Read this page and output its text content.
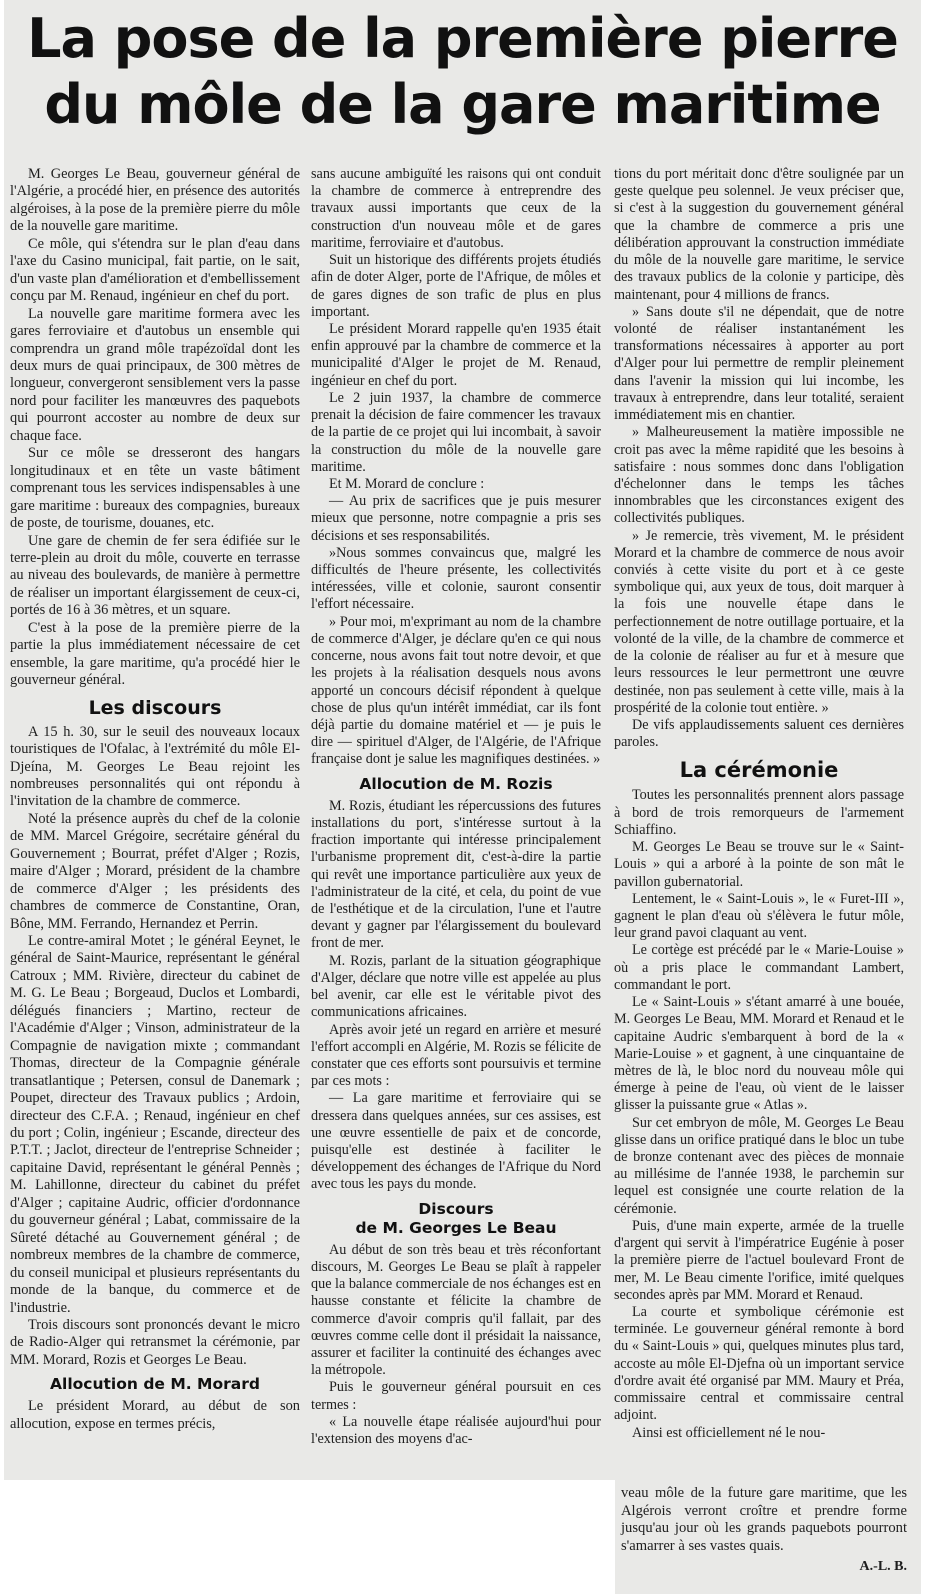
La pose de la première pierre
du môle de la gare maritime

M. Georges Le Beau, gouverneur général de l'Algérie, a procédé hier, en présence des autorités algéroises, à la pose de la première pierre du môle de la nouvelle gare maritime.

Ce môle, qui s'étendra sur le plan d'eau dans l'axe du Casino municipal, fait partie, on le sait, d'un vaste plan d'amélioration et d'embellissement conçu par M. Renaud, ingénieur en chef du port.

La nouvelle gare maritime formera avec les gares ferroviaire et d'autobus un ensemble qui comprendra un grand môle trapézoïdal dont les deux murs de quai principaux, de 300 mètres de longueur, convergeront sensiblement vers la passe nord pour faciliter les manœuvres des paquebots qui pourront accoster au nombre de deux sur chaque face.

Sur ce môle se dresseront des hangars longitudinaux et en tête un vaste bâtiment comprenant tous les services indispensables à une gare maritime : bureaux des compagnies, bureaux de poste, de tourisme, douanes, etc.

Une gare de chemin de fer sera édifiée sur le terre-plein au droit du môle, couverte en terrasse au niveau des boulevards, de manière à permettre de réaliser un important élargissement de ceux-ci, portés de 16 à 36 mètres, et un square.

C'est à la pose de la première pierre de la partie la plus immédiatement nécessaire de cet ensemble, la gare maritime, qu'a procédé hier le gouverneur général.

Les discours

A 15 h. 30, sur le seuil des nouveaux locaux touristiques de l'Ofalac, à l'extrémité du môle El-Djeína, M. Georges Le Beau rejoint les nombreuses personnalités qui ont répondu à l'invitation de la chambre de commerce.

Noté la présence auprès du chef de la colonie de MM. Marcel Grégoire, secrétaire général du Gouvernement ; Bourrat, préfet d'Alger ; Rozis, maire d'Alger ; Morard, président de la chambre de commerce d'Alger ; les présidents des chambres de commerce de Constantine, Oran, Bône, MM. Ferrando, Hernandez et Perrin.

Le contre-amiral Motet ; le général Eeynet, le général de Saint-Maurice, représentant le général Catroux ; MM. Rivière, directeur du cabinet de M. G. Le Beau ; Borgeaud, Duclos et Lombardi, délégués financiers ; Martino, recteur de l'Académie d'Alger ; Vinson, administrateur de la Compagnie de navigation mixte ; commandant Thomas, directeur de la Compagnie générale transatlantique ; Petersen, consul de Danemark ; Poupet, directeur des Travaux publics ; Ardoin, directeur des C.F.A. ; Renaud, ingénieur en chef du port ; Colin, ingénieur ; Escande, directeur des P.T.T. ; Jaclot, directeur de l'entreprise Schneider ; capitaine David, représentant le général Pennès ; M. Lahillonne, directeur du cabinet du préfet d'Alger ; capitaine Audric, officier d'ordonnance du gouverneur général ; Labat, commissaire de la Sûreté détaché au Gouvernement général ; de nombreux membres de la chambre de commerce, du conseil municipal et plusieurs représentants du monde de la banque, du commerce et de l'industrie.

Trois discours sont prononcés devant le micro de Radio-Alger qui retransmet la cérémonie, par MM. Morard, Rozis et Georges Le Beau.

Allocution de M. Morard

Le président Morard, au début de son allocution, expose en termes précis,

sans aucune ambiguïté les raisons qui ont conduit la chambre de commerce à entreprendre des travaux aussi importants que ceux de la construction d'un nouveau môle et de gares maritime, ferroviaire et d'autobus.

Suit un historique des différents projets étudiés afin de doter Alger, porte de l'Afrique, de môles et de gares dignes de son trafic de plus en plus important.

Le président Morard rappelle qu'en 1935 était enfin approuvé par la chambre de commerce et la municipalité d'Alger le projet de M. Renaud, ingénieur en chef du port.

Le 2 juin 1937, la chambre de commerce prenait la décision de faire commencer les travaux de la partie de ce projet qui lui incombait, à savoir la construction du môle de la nouvelle gare maritime.

Et M. Morard de conclure :

— Au prix de sacrifices que je puis mesurer mieux que personne, notre compagnie a pris ses décisions et ses responsabilités.

»Nous sommes convaincus que, malgré les difficultés de l'heure présente, les collectivités intéressées, ville et colonie, sauront consentir l'effort nécessaire.

» Pour moi, m'exprimant au nom de la chambre de commerce d'Alger, je déclare qu'en ce qui nous concerne, nous avons fait tout notre devoir, et que les projets à la réalisation desquels nous avons apporté un concours décisif répondent à quelque chose de plus qu'un intérêt immédiat, car ils font déjà partie du domaine matériel et — je puis le dire — spirituel d'Alger, de l'Algérie, de l'Afrique française dont je salue les magnifiques destinées. »

Allocution de M. Rozis

M. Rozis, étudiant les répercussions des futures installations du port, s'intéresse surtout à la fraction importante qui intéresse principalement l'urbanisme proprement dit, c'est-à-dire la partie qui revêt une importance particulière aux yeux de l'administrateur de la cité, et cela, du point de vue de l'esthétique et de la circulation, l'une et l'autre devant y gagner par l'élargissement du boulevard front de mer.

M. Rozis, parlant de la situation géographique d'Alger, déclare que notre ville est appelée au plus bel avenir, car elle est le véritable pivot des communications africaines.

Après avoir jeté un regard en arrière et mesuré l'effort accompli en Algérie, M. Rozis se félicite de constater que ces efforts sont poursuivis et termine par ces mots :

— La gare maritime et ferroviaire qui se dressera dans quelques années, sur ces assises, est une œuvre essentielle de paix et de concorde, puisqu'elle est destinée à faciliter le développement des échanges de l'Afrique du Nord avec tous les pays du monde.

Discours
de M. Georges Le Beau

Au début de son très beau et très réconfortant discours, M. Georges Le Beau se plaît à rappeler que la balance commerciale de nos échanges est en hausse constante et félicite la chambre de commerce d'avoir compris qu'il fallait, par des œuvres comme celle dont il présidait la naissance, assurer et faciliter la continuité des échanges avec la métropole.

Puis le gouverneur général poursuit en ces termes :

« La nouvelle étape réalisée aujourd'hui pour l'extension des moyens d'ac-

tions du port méritait donc d'être soulignée par un geste quelque peu solennel. Je veux préciser que, si c'est à la suggestion du gouvernement général que la chambre de commerce a pris une délibération approuvant la construction immédiate du môle de la nouvelle gare maritime, le service des travaux publics de la colonie y participe, dès maintenant, pour 4 millions de francs.

» Sans doute s'il ne dépendait, que de notre volonté de réaliser instantanément les transformations nécessaires à apporter au port d'Alger pour lui permettre de remplir pleinement dans l'avenir la mission qui lui incombe, les travaux à entreprendre, dans leur totalité, seraient immédiatement mis en chantier.

» Malheureusement la matière impossible ne croit pas avec la même rapidité que les besoins à satisfaire : nous sommes donc dans l'obligation d'échelonner dans le temps les tâches innombrables que les circonstances exigent des collectivités publiques.

» Je remercie, très vivement, M. le président Morard et la chambre de commerce de nous avoir conviés à cette visite du port et à ce geste symbolique qui, aux yeux de tous, doit marquer à la fois une nouvelle étape dans le perfectionnement de notre outillage portuaire, et la volonté de la ville, de la chambre de commerce et de la colonie de réaliser au fur et à mesure que leurs ressources le leur permettront une œuvre destinée, non pas seulement à cette ville, mais à la prospérité de la colonie tout entière. »

De vifs applaudissements saluent ces dernières paroles.

La cérémonie

Toutes les personnalités prennent alors passage à bord de trois remorqueurs de l'armement Schiaffino.

M. Georges Le Beau se trouve sur le « Saint-Louis » qui a arboré à la pointe de son mât le pavillon gubernatorial.

Lentement, le « Saint-Louis », le « Furet-III », gagnent le plan d'eau où s'élèvera le futur môle, leur grand pavoi claquant au vent.

Le cortège est précédé par le « Marie-Louise » où a pris place le commandant Lambert, commandant le port.

Le « Saint-Louis » s'étant amarré à une bouée, M. Georges Le Beau, MM. Morard et Renaud et le capitaine Audric s'embarquent à bord de la « Marie-Louise » et gagnent, à une cinquantaine de mètres de là, le bloc nord du nouveau môle qui émerge à peine de l'eau, où vient de le laisser glisser la puissante grue « Atlas ».

Sur cet embryon de môle, M. Georges Le Beau glisse dans un orifice pratiqué dans le bloc un tube de bronze contenant avec des pièces de monnaie au millésime de l'année 1938, le parchemin sur lequel est consignée une courte relation de la cérémonie.

Puis, d'une main experte, armée de la truelle d'argent qui servit à l'impératrice Eugénie à poser la première pierre de l'actuel boulevard Front de mer, M. Le Beau cimente l'orifice, imité quelques secondes après par MM. Morard et Renaud.

La courte et symbolique cérémonie est terminée. Le gouverneur général remonte à bord du « Saint-Louis » qui, quelques minutes plus tard, accoste au môle El-Djefna où un important service d'ordre avait été organisé par MM. Maury et Préa, commissaire central et commissaire central adjoint.

Ainsi est officiellement né le nou-

veau môle de la future gare maritime, que les Algérois verront croître et prendre forme jusqu'au jour où les grands paquebots pourront s'amarrer à ses vastes quais.

A.-L. B.
